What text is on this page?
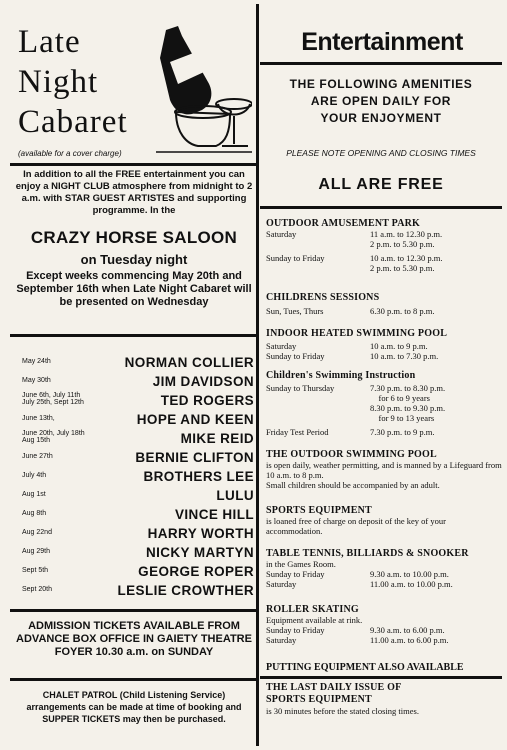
Late
Night
Cabaret
(available for a cover charge)
In addition to all the FREE entertainment you can enjoy a NIGHT CLUB atmosphere from midnight to 2 a.m. with STAR GUEST ARTISTES and supporting programme. In the
CRAZY HORSE SALOON
on Tuesday night
Except weeks commencing May 20th and September 16th when Late Night Cabaret will be presented on Wednesday
May 24th	NORMAN COLLIER
May 30th	JIM DAVIDSON
June 6th, July 11th
July 25th, Sept 12th	TED ROGERS
June 13th,	HOPE AND KEEN
June 20th, July 18th
Aug 15th	MIKE REID
June 27th	BERNIE CLIFTON
July 4th	BROTHERS LEE
Aug 1st	LULU
Aug 8th	VINCE HILL
Aug 22nd	HARRY WORTH
Aug 29th	NICKY MARTYN
Sept 5th	GEORGE ROPER
Sept 20th	LESLIE CROWTHER
ADMISSION TICKETS AVAILABLE FROM ADVANCE BOX OFFICE IN GAIETY THEATRE FOYER 10.30 a.m. on SUNDAY
CHALET PATROL (Child Listening Service) arrangements can be made at time of booking and SUPPER TICKETS may then be purchased.
Entertainment
THE FOLLOWING AMENITIES
ARE OPEN DAILY FOR
YOUR ENJOYMENT
PLEASE NOTE OPENING AND CLOSING TIMES
ALL ARE FREE
OUTDOOR AMUSEMENT PARK
Saturday	11 a.m. to 12.30 p.m.
2 p.m. to 5.30 p.m.
Sunday to Friday	10 a.m. to 12.30 p.m.
2 p.m. to 5.30 p.m.
CHILDRENS SESSIONS
Sun, Tues, Thurs	6.30 p.m. to 8 p.m.
INDOOR HEATED SWIMMING POOL
Saturday	10 a.m. to 9 p.m.
Sunday to Friday	10 a.m. to 7.30 p.m.
Children's Swimming Instruction
Sunday to Thursday	7.30 p.m. to 8.30 p.m.
for 6 to 9 years
8.30 p.m. to 9.30 p.m.
for 9 to 13 years
Friday Test Period	7.30 p.m. to 9 p.m.
THE OUTDOOR SWIMMING POOL
is open daily, weather permitting, and is manned by a Lifeguard from 10 a.m. to 8 p.m.
Small children should be accompanied by an adult.
SPORTS EQUIPMENT
is loaned free of charge on deposit of the key of your accommodation.
TABLE TENNIS, BILLIARDS & SNOOKER
in the Games Room.
Sunday to Friday	9.30 a.m. to 10.00 p.m.
Saturday	11.00 a.m. to 10.00 p.m.
ROLLER SKATING
Equipment available at rink.
Sunday to Friday	9.30 a.m. to 6.00 p.m.
Saturday	11.00 a.m. to 6.00 p.m.
PUTTING EQUIPMENT ALSO AVAILABLE
THE LAST DAILY ISSUE OF
SPORTS EQUIPMENT
is 30 minutes before the stated closing times.
